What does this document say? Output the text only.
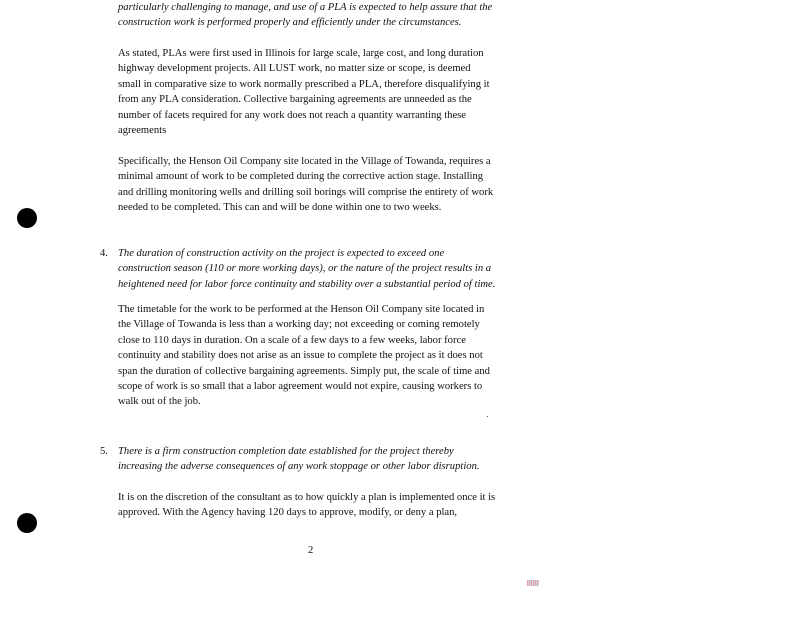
particularly challenging to manage, and use of a PLA is expected to help assure that the
construction work is performed properly and efficiently under the circumstances.

As stated, PLAs were first used in Illinois for large scale, large cost, and long duration
highway development projects. All LUST work, no matter size or scope, is deemed
small in comparative size to work normally prescribed a PLA, therefore disqualifying it
from any PLA consideration. Collective bargaining agreements are unneeded as the
number of facets required for any work does not reach a quantity warranting these
agreements

Specifically, the Henson Oil Company site located in the Village of Towanda, requires a
minimal amount of work to be completed during the corrective action stage. Installing
and drilling monitoring wells and drilling soil borings will comprise the entirety of work
needed to be completed. This can and will be done within one to two weeks.

4. The duration of construction activity on the project is expected to exceed one
construction season (110 or more working days), or the nature of the project results in a
heightened need for labor force continuity and stability over a substantial period of time.

The timetable for the work to be performed at the Henson Oil Company site located in
the Village of Towanda is less than a working day; not exceeding or coming remotely
close to 110 days in duration. On a scale of a few days to a few weeks, labor force
continuity and stability does not arise as an issue to complete the project as it does not
span the duration of collective bargaining agreements. Simply put, the scale of time and
scope of work is so small that a labor agreement would not expire, causing workers to
walk out of the job.

5. There is a firm construction completion date established for the project thereby
increasing the adverse consequences of any work stoppage or other labor disruption.

It is on the discretion of the consultant as to how quickly a plan is implemented once it is
approved. With the Agency having 120 days to approve, modify, or deny a plan,

2
